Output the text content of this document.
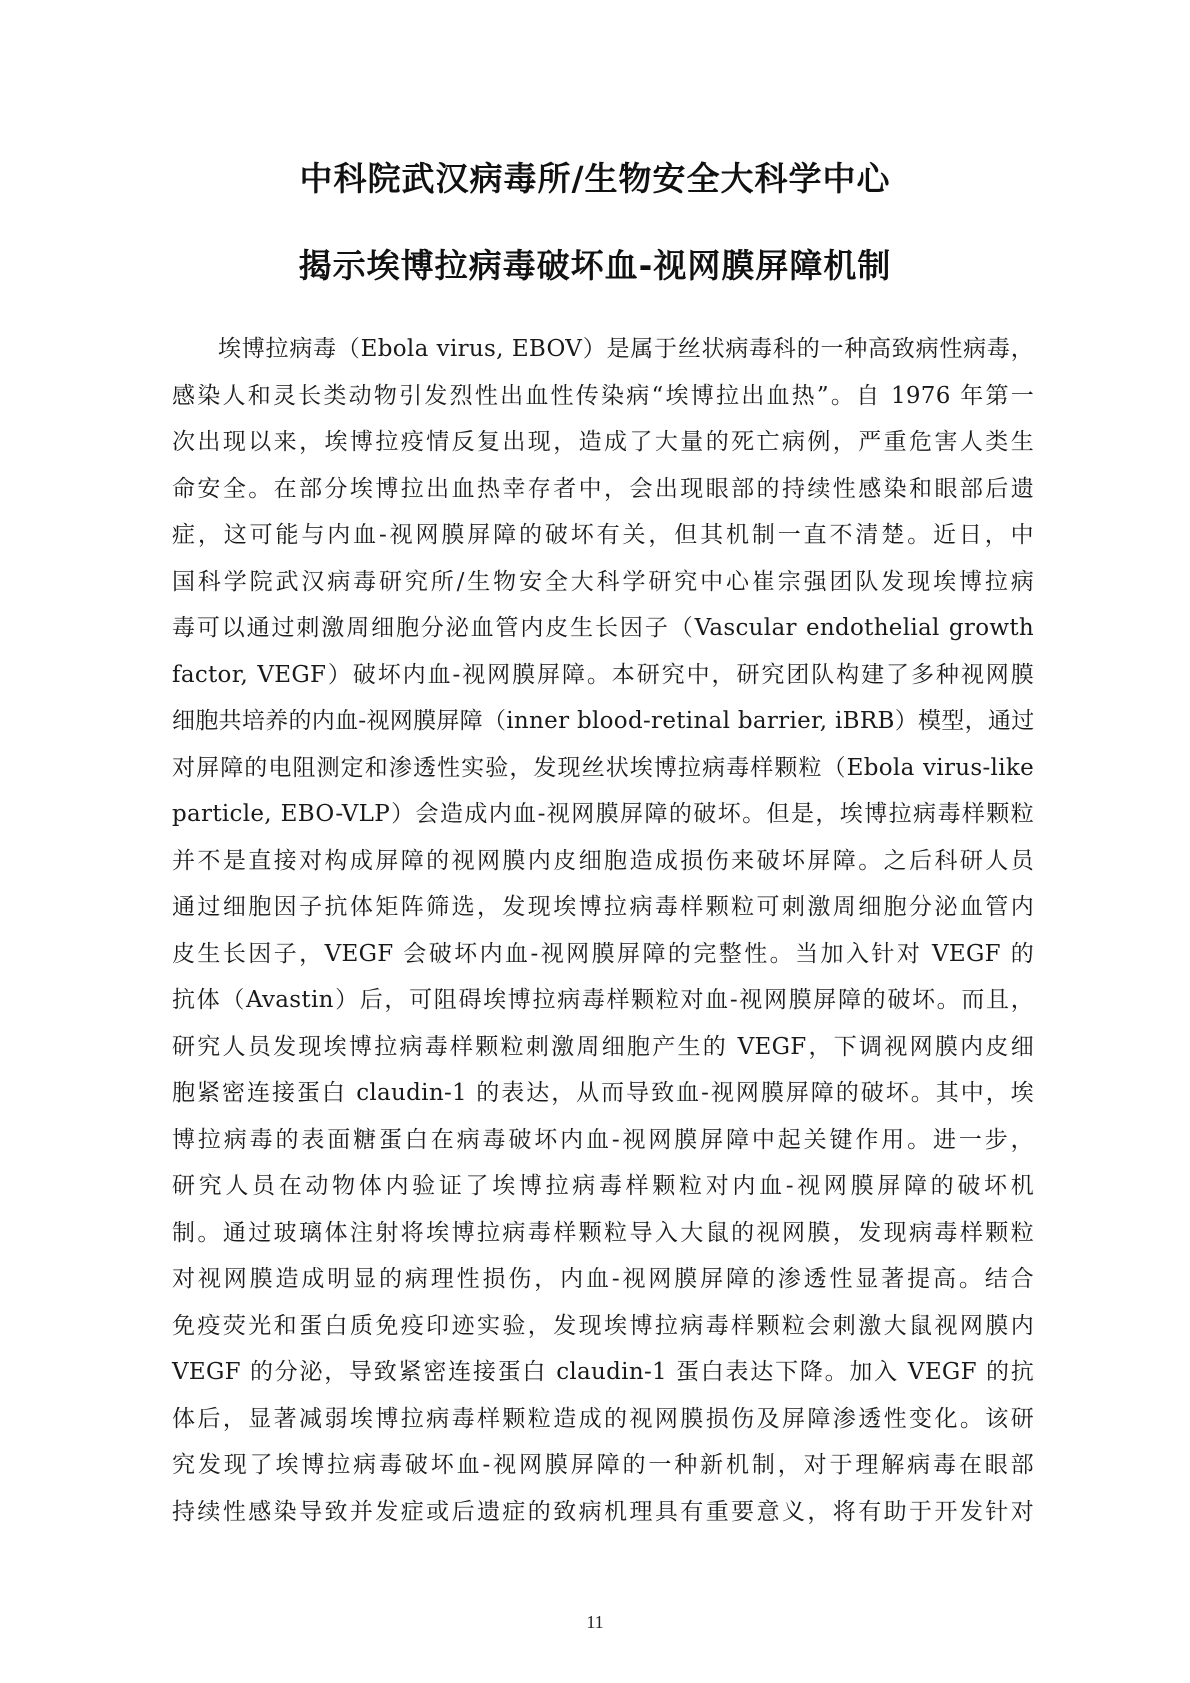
中科院武汉病毒所/生物安全大科学中心
揭示埃博拉病毒破坏血-视网膜屏障机制
埃博拉病毒（Ebola virus, EBOV）是属于丝状病毒科的一种高致病性病毒，
感染人和灵长类动物引发烈性出血性传染病“埃博拉出血热”。自 1976 年第一
次出现以来，埃博拉疫情反复出现，造成了大量的死亡病例，严重危害人类生
命安全。在部分埃博拉出血热幸存者中，会出现眼部的持续性感染和眼部后遗
症，这可能与内血-视网膜屏障的破坏有关，但其机制一直不清楚。近日，中
国科学院武汉病毒研究所/生物安全大科学研究中心崔宗强团队发现埃博拉病
毒可以通过刺激周细胞分泌血管内皮生长因子（Vascular endothelial growth
factor, VEGF）破坏内血-视网膜屏障。本研究中，研究团队构建了多种视网膜
细胞共培养的内血-视网膜屏障（inner blood-retinal barrier, iBRB）模型，通过
对屏障的电阻测定和渗透性实验，发现丝状埃博拉病毒样颗粒（Ebola virus-like
particle, EBO-VLP）会造成内血-视网膜屏障的破坏。但是，埃博拉病毒样颗粒
并不是直接对构成屏障的视网膜内皮细胞造成损伤来破坏屏障。之后科研人员
通过细胞因子抗体矩阵筛选，发现埃博拉病毒样颗粒可刺激周细胞分泌血管内
皮生长因子，VEGF 会破坏内血-视网膜屏障的完整性。当加入针对 VEGF 的
抗体（Avastin）后，可阻碍埃博拉病毒样颗粒对血-视网膜屏障的破坏。而且，
研究人员发现埃博拉病毒样颗粒刺激周细胞产生的 VEGF，下调视网膜内皮细
胞紧密连接蛋白 claudin-1 的表达，从而导致血-视网膜屏障的破坏。其中，埃
博拉病毒的表面糖蛋白在病毒破坏内血-视网膜屏障中起关键作用。进一步，
研究人员在动物体内验证了埃博拉病毒样颗粒对内血-视网膜屏障的破坏机
制。通过玻璃体注射将埃博拉病毒样颗粒导入大鼠的视网膜，发现病毒样颗粒
对视网膜造成明显的病理性损伤，内血-视网膜屏障的渗透性显著提高。结合
免疫荧光和蛋白质免疫印迹实验，发现埃博拉病毒样颗粒会刺激大鼠视网膜内
VEGF 的分泌，导致紧密连接蛋白 claudin-1 蛋白表达下降。加入 VEGF 的抗
体后，显著减弱埃博拉病毒样颗粒造成的视网膜损伤及屏障渗透性变化。该研
究发现了埃博拉病毒破坏血-视网膜屏障的一种新机制，对于理解病毒在眼部
持续性感染导致并发症或后遗症的致病机理具有重要意义，将有助于开发针对
11
